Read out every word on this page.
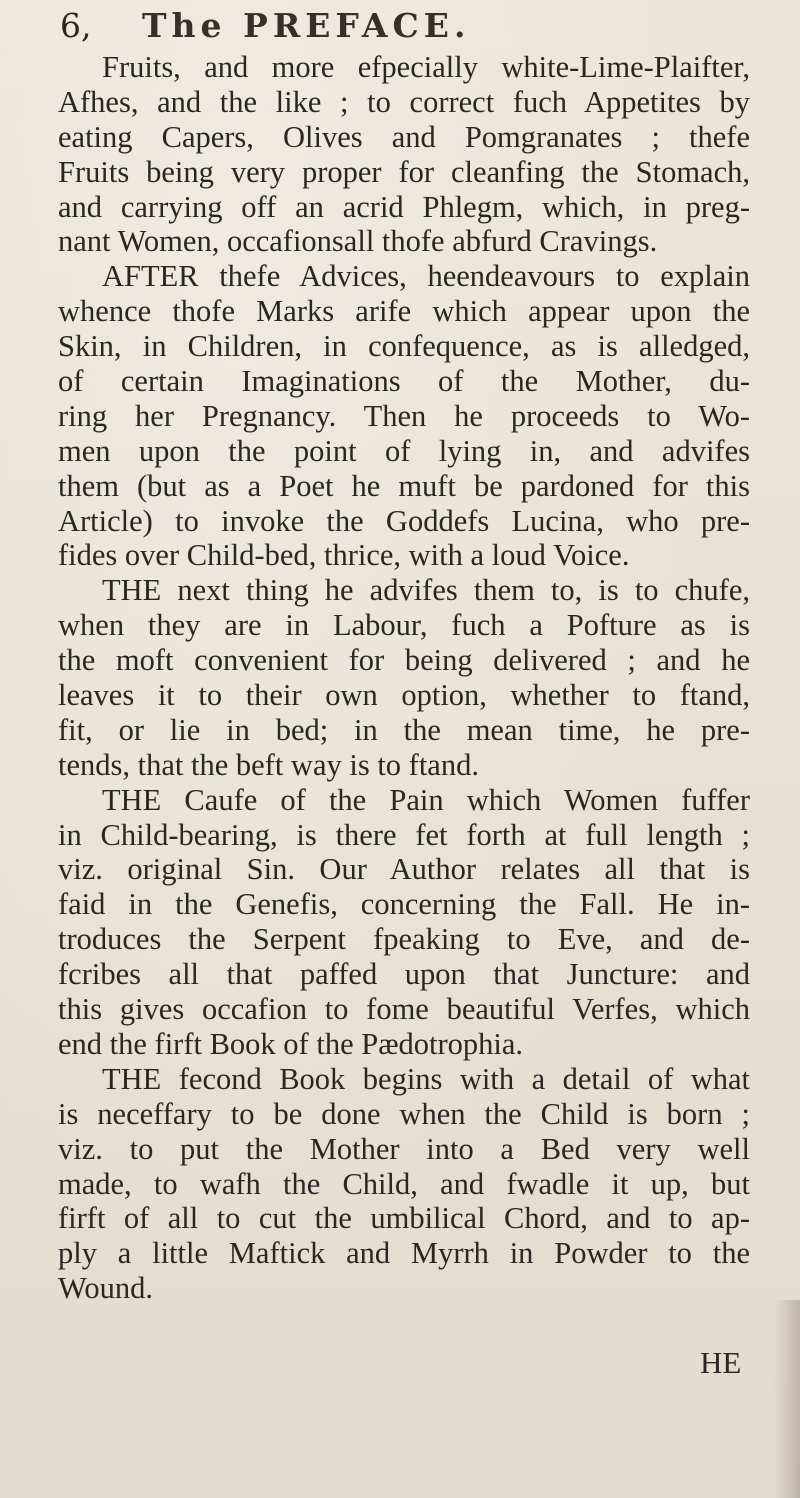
6, The PREFACE.
Fruits, and more efpecially white-Lime-Plaifter,
Afhes, and the like ; to correct fuch Appetites by
eating Capers, Olives and Pomgranates ; thefe
Fruits being very proper for cleanfing the Stomach,
and carrying off an acrid Phlegm, which, in preg-
nant Women, occafionsall thofe abfurd Cravings.
AFTER thefe Advices, heendeavours to explain
whence thofe Marks arife which appear upon the
Skin, in Children, in confequence, as is alledged,
of certain Imaginations of the Mother, du-
ring her Pregnancy. Then he proceeds to Wo-
men upon the point of lying in, and advifes
them (but as a Poet he muft be pardoned for this
Article) to invoke the Goddefs Lucina, who pre-
fides over Child-bed, thrice, with a loud Voice.
THE next thing he advifes them to, is to chufe,
when they are in Labour, fuch a Pofture as is
the moft convenient for being delivered ; and he
leaves it to their own option, whether to ftand,
fit, or lie in bed; in the mean time, he pre-
tends, that the beft way is to ftand.
THE Caufe of the Pain which Women fuffer
in Child-bearing, is there fet forth at full length ;
viz. original Sin. Our Author relates all that is
faid in the Genefis, concerning the Fall. He in-
troduces the Serpent fpeaking to Eve, and de-
fcribes all that paffed upon that Juncture: and
this gives occafion to fome beautiful Verfes, which
end the firft Book of the Pædotrophia.
THE fecond Book begins with a detail of what
is neceffary to be done when the Child is born ;
viz. to put the Mother into a Bed very well
made, to wafh the Child, and fwadle it up, but
firft of all to cut the umbilical Chord, and to ap-
ply a little Maftick and Myrrh in Powder to the
Wound.
HE
